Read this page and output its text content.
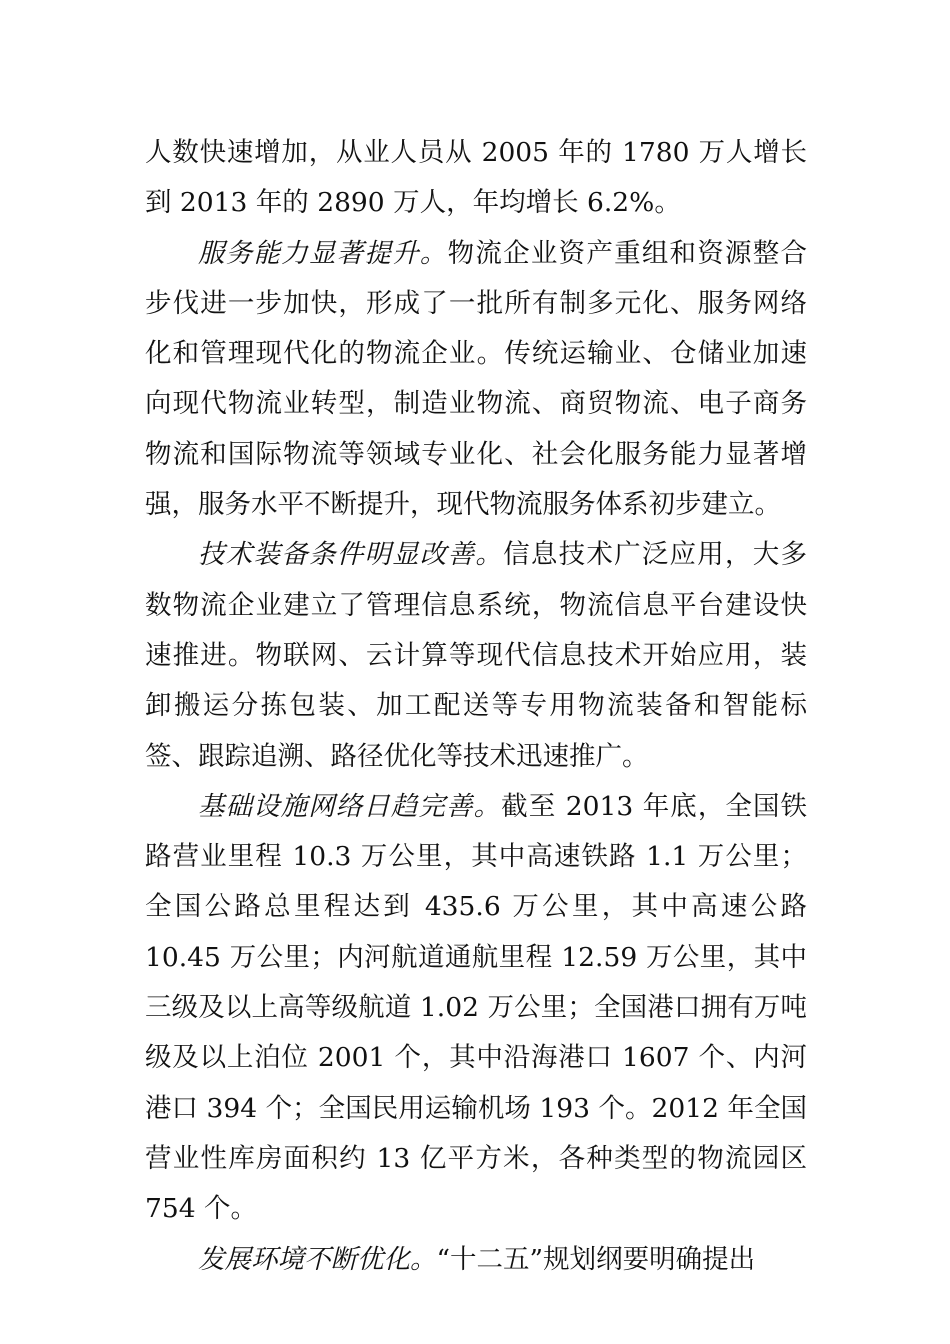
人数快速增加，从业人员从 2005 年的 1780 万人增长到 2013 年的 2890 万人，年均增长 6.2%。

服务能力显著提升。物流企业资产重组和资源整合步伐进一步加快，形成了一批所有制多元化、服务网络化和管理现代化的物流企业。传统运输业、仓储业加速向现代物流业转型，制造业物流、商贸物流、电子商务物流和国际物流等领域专业化、社会化服务能力显著增强，服务水平不断提升，现代物流服务体系初步建立。

技术装备条件明显改善。信息技术广泛应用，大多数物流企业建立了管理信息系统，物流信息平台建设快速推进。物联网、云计算等现代信息技术开始应用，装卸搬运分拣包装、加工配送等专用物流装备和智能标签、跟踪追溯、路径优化等技术迅速推广。

基础设施网络日趋完善。截至 2013 年底，全国铁路营业里程 10.3 万公里，其中高速铁路 1.1 万公里；全国公路总里程达到 435.6 万公里，其中高速公路 10.45 万公里；内河航道通航里程 12.59 万公里，其中三级及以上高等级航道 1.02 万公里；全国港口拥有万吨级及以上泊位 2001 个，其中沿海港口 1607 个、内河港口 394 个；全国民用运输机场 193 个。2012 年全国营业性库房面积约 13 亿平方米，各种类型的物流园区 754 个。

发展环境不断优化。“十二五”规划纲要明确提出
